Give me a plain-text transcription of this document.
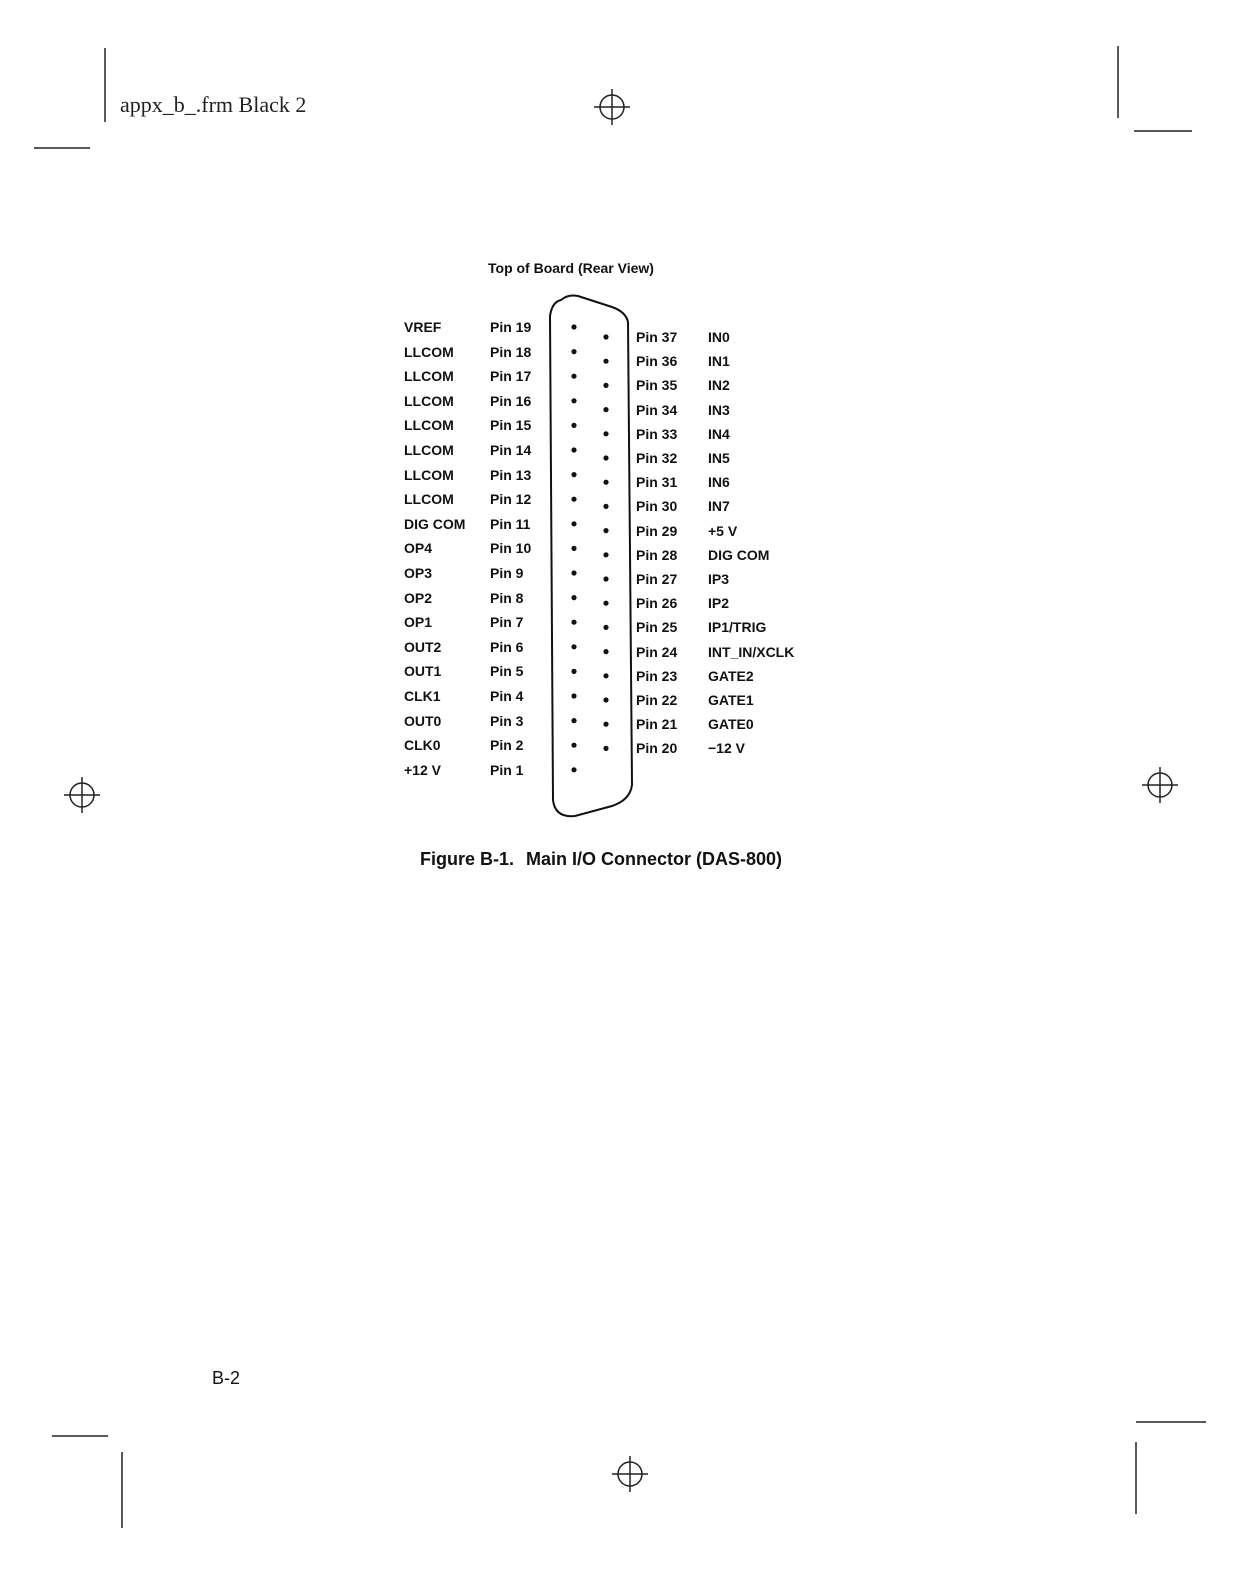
appx_b_.frm Black 2
Top of Board (Rear View)
VREF	Pin 19
LLCOM	Pin 18
LLCOM	Pin 17
LLCOM	Pin 16
LLCOM	Pin 15
LLCOM	Pin 14
LLCOM	Pin 13
LLCOM	Pin 12
DIG COM Pin 11
OP4	Pin 10
OP3	Pin 9
OP2	Pin 8
OP1	Pin 7
OUT2	Pin 6
OUT1	Pin 5
CLK1	Pin 4
OUT0	Pin 3
CLK0	Pin 2
+12 V	Pin 1
Pin 37 IN0
Pin 36 IN1
Pin 35 IN2
Pin 34 IN3
Pin 33 IN4
Pin 32 IN5
Pin 31 IN6
Pin 30 IN7
Pin 29 +5 V
Pin 28 DIG COM
Pin 27 IP3
Pin 26 IP2
Pin 25 IP1/TRIG
Pin 24 INT_IN/XCLK
Pin 23 GATE2
Pin 22 GATE1
Pin 21 GATE0
Pin 20 −12 V
Figure B-1. Main I/O Connector (DAS-800)
B-2
